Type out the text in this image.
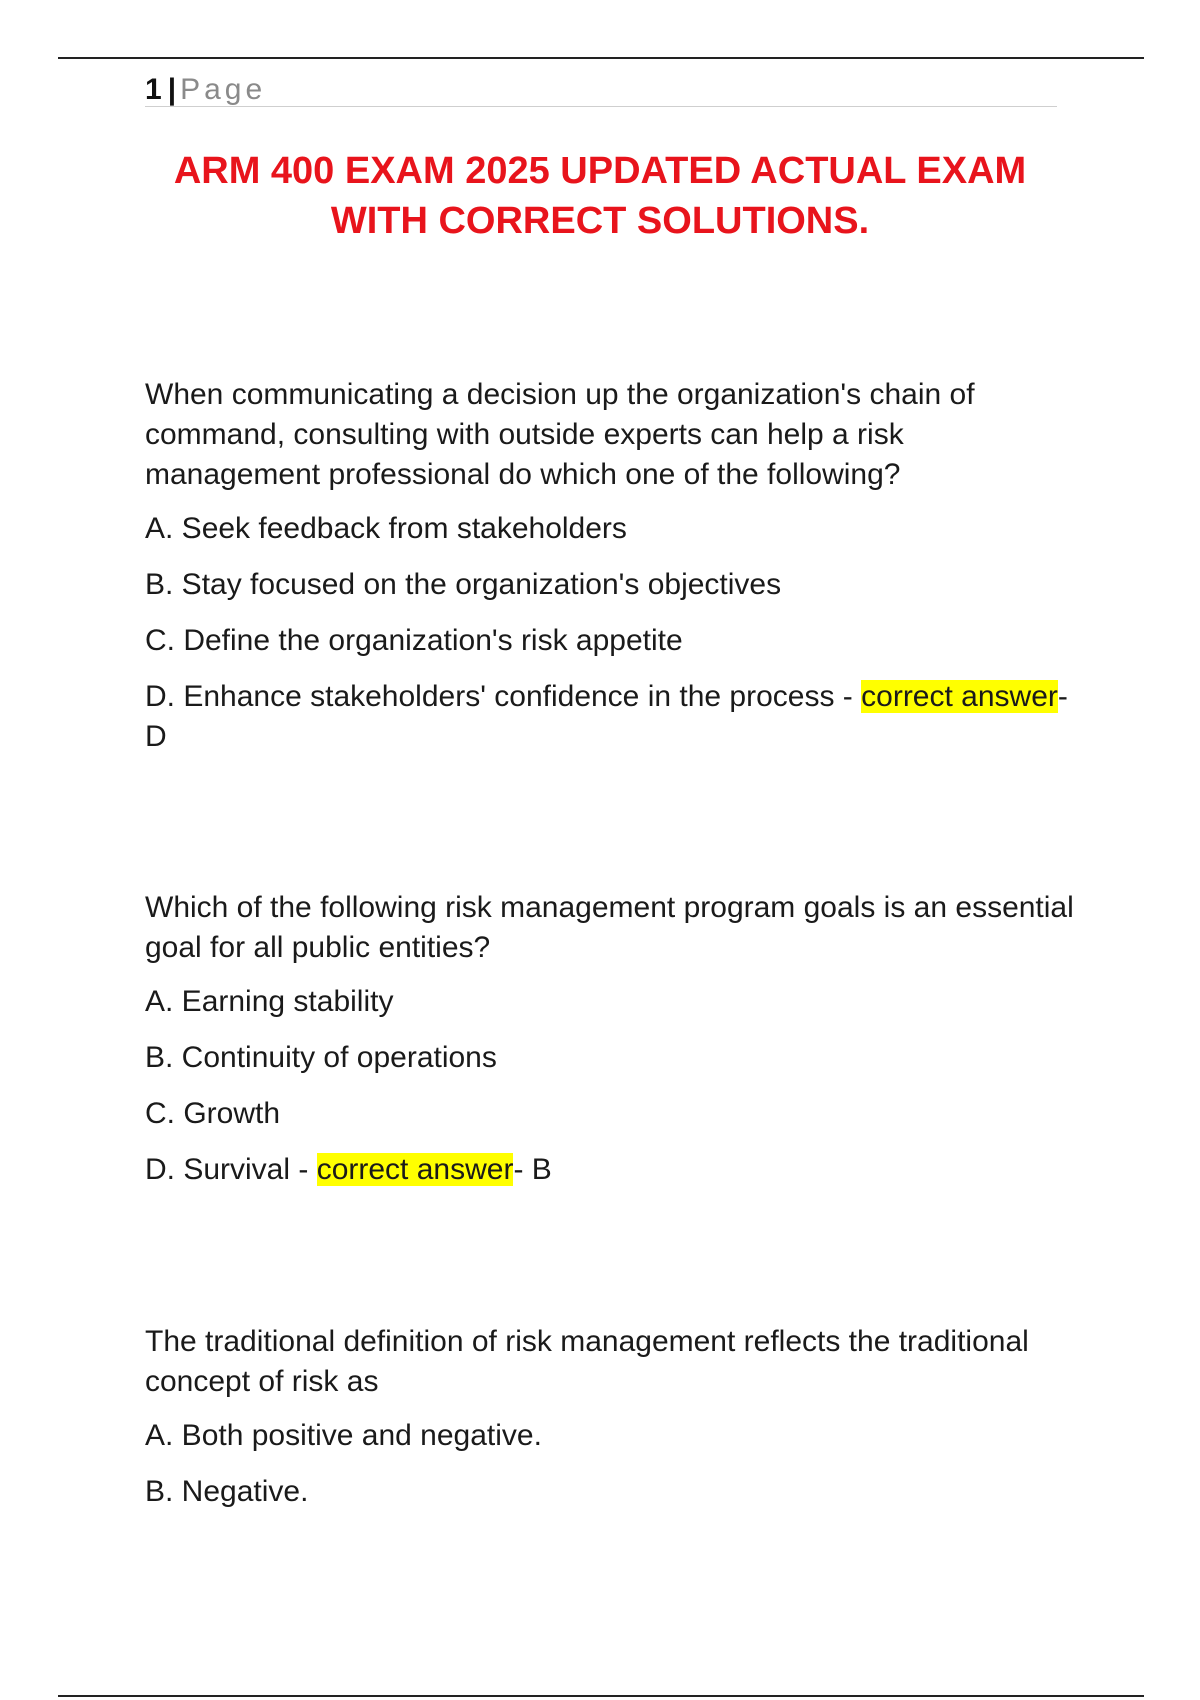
1 | Page
ARM 400 EXAM 2025 UPDATED ACTUAL EXAM
WITH CORRECT SOLUTIONS.

When communicating a decision up the organization's chain of command, consulting with outside experts can help a risk management professional do which one of the following?

A. Seek feedback from stakeholders

B. Stay focused on the organization's objectives

C. Define the organization's risk appetite

D. Enhance stakeholders' confidence in the process - correct answer- D

Which of the following risk management program goals is an essential goal for all public entities?

A. Earning stability

B. Continuity of operations

C. Growth

D. Survival - correct answer- B

The traditional definition of risk management reflects the traditional concept of risk as

A. Both positive and negative.

B. Negative.
